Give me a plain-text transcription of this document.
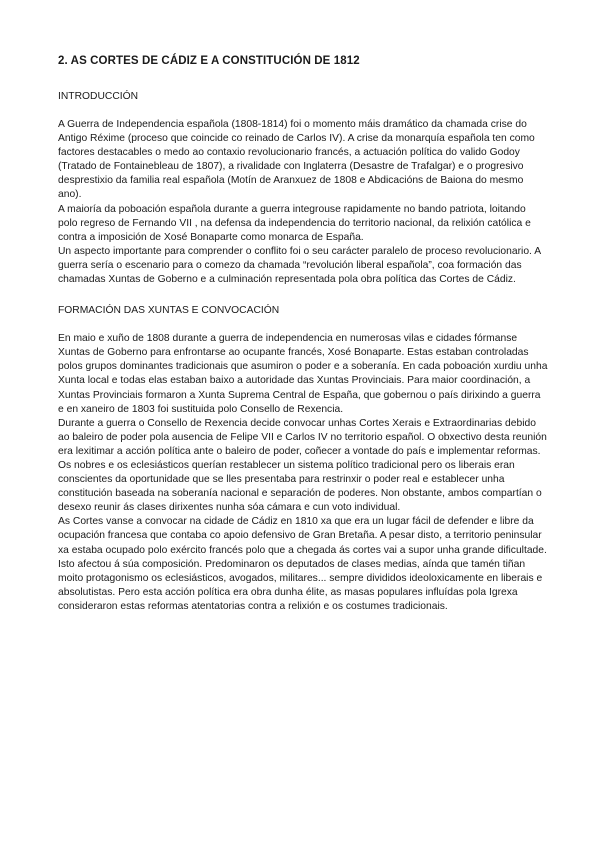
2. AS CORTES DE CÁDIZ E A CONSTITUCIÓN DE 1812
INTRODUCCIÓN

A Guerra de Independencia española (1808-1814) foi o momento máis dramático da chamada crise do Antigo Réxime (proceso que coincide co reinado de Carlos IV). A crise da monarquía española ten como factores destacables o medo ao contaxio revolucionario francés, a actuación política do valido Godoy (Tratado de Fontainebleau de 1807), a rivalidade con Inglaterra (Desastre de Trafalgar) e o progresivo desprestixio da familia real española (Motín de Aranxuez de 1808 e Abdicacións de Baiona do mesmo ano).

A maioría da poboación española durante a guerra integrouse rapidamente no bando patriota, loitando polo regreso de Fernando VII , na defensa da independencia do territorio nacional, da relixión católica e contra a imposición de Xosé Bonaparte como monarca de España.

Un aspecto importante para comprender o conflito foi o seu carácter paralelo de proceso revolucionario. A guerra sería o escenario para o comezo da chamada “revolución liberal española”, coa formación das chamadas Xuntas de Goberno e a culminación representada pola obra política das Cortes de Cádiz.

FORMACIÓN DAS XUNTAS E CONVOCACIÓN

En maio e xuño de 1808 durante a guerra de independencia en numerosas vilas e cidades fórmanse Xuntas de Goberno para enfrontarse ao ocupante francés, Xosé Bonaparte. Estas estaban controladas polos grupos dominantes tradicionais que asumiron o poder e a soberanía. En cada poboación xurdiu unha Xunta local e todas elas estaban baixo a autoridade das Xuntas Provinciais. Para maior coordinación, a Xuntas Provinciais formaron a Xunta Suprema Central de España, que gobernou o país dirixindo a guerra e en xaneiro de 1803 foi sustituida polo Consello de Rexencia.

Durante a guerra o Consello de Rexencia decide convocar unhas Cortes Xerais e Extraordinarias debido ao baleiro de poder pola ausencia de Felipe VII e Carlos IV no territorio español. O obxectivo desta reunión era lexitimar a acción política ante o baleiro de poder, coñecer a vontade do país e implementar reformas. Os nobres e os eclesiásticos querían restablecer un sistema político tradicional pero os liberais eran conscientes da oportunidade que se lles presentaba para restrinxir o poder real e establecer unha constitución baseada na soberanía nacional e separación de poderes. Non obstante, ambos compartían o desexo reunir ás clases dirixentes nunha sóa cámara e cun voto individual.

As Cortes vanse a convocar na cidade de Cádiz en 1810 xa que era un lugar fácil de defender e libre da ocupación francesa que contaba co apoio defensivo de Gran Bretaña. A pesar disto, a territorio peninsular xa estaba ocupado polo exército francés polo que a chegada ás cortes vai a supor unha grande dificultade. Isto afectou á súa composición. Predominaron os deputados de clases medias, aínda que tamén tiñan moito protagonismo os eclesiásticos, avogados, militares... sempre divididos ideoloxicamente en liberais e absolutistas. Pero esta acción política era obra dunha élite, as masas populares influídas pola Igrexa consideraron estas reformas atentatorias contra a relixión e os costumes tradicionais.
